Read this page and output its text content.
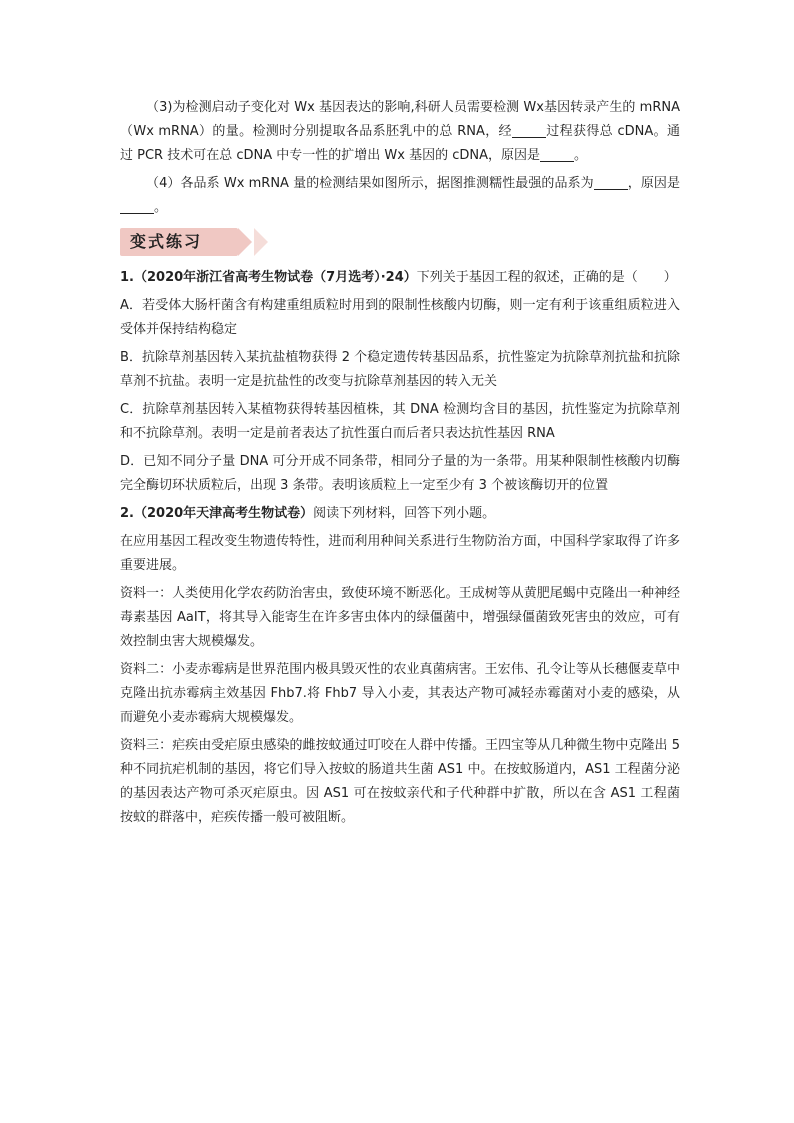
（3)为检测启动子变化对 Wx 基因表达的影响,科研人员需要检测 Wx基因转录产生的 mRNA（Wx mRNA）的量。检测时分别提取各品系胚乳中的总 RNA，经	过程获得总 cDNA。通过 PCR 技术可在总 cDNA 中专一性的扩增出 Wx 基因的 cDNA，原因是	。

（4）各品系 Wx mRNA 量的检测结果如图所示，据图推测糯性最强的品系为	，原因是。

变式练习

1.（2020年浙江省高考生物试卷（7月选考）·24）下列关于基因工程的叙述，正确的是（　　）

A．若受体大肠杆菌含有构建重组质粒时用到的限制性核酸内切酶，则一定有利于该重组质粒进入受体并保持结构稳定

B．抗除草剂基因转入某抗盐植物获得 2 个稳定遗传转基因品系，抗性鉴定为抗除草剂抗盐和抗除草剂不抗盐。表明一定是抗盐性的改变与抗除草剂基因的转入无关

C．抗除草剂基因转入某植物获得转基因植株，其 DNA 检测均含目的基因，抗性鉴定为抗除草剂和不抗除草剂。表明一定是前者表达了抗性蛋白而后者只表达抗性基因 RNA

D．已知不同分子量 DNA 可分开成不同条带，相同分子量的为一条带。用某种限制性核酸内切酶完全酶切环状质粒后，出现 3 条带。表明该质粒上一定至少有 3 个被该酶切开的位置

2.（2020年天津高考生物试卷）阅读下列材料，回答下列小题。

在应用基因工程改变生物遗传特性，进而利用种间关系进行生物防治方面，中国科学家取得了许多重要进展。

资料一：人类使用化学农药防治害虫，致使环境不断恶化。王成树等从黄肥尾蝎中克隆出一种神经毒素基因 AaIT，将其导入能寄生在许多害虫体内的绿僵菌中，增强绿僵菌致死害虫的效应，可有效控制虫害大规模爆发。

资料二：小麦赤霉病是世界范围内极具毁灭性的农业真菌病害。王宏伟、孔令让等从长穗偃麦草中克隆出抗赤霉病主效基因 Fhb7.将 Fhb7 导入小麦，其表达产物可减轻赤霉菌对小麦的感染，从而避免小麦赤霉病大规模爆发。

资料三：疟疾由受疟原虫感染的雌按蚊通过叮咬在人群中传播。王四宝等从几种微生物中克隆出 5 种不同抗疟机制的基因，将它们导入按蚊的肠道共生菌 AS1 中。在按蚊肠道内，AS1 工程菌分泌的基因表达产物可杀灭疟原虫。因 AS1 可在按蚊亲代和子代种群中扩散，所以在含 AS1 工程菌按蚊的群落中，疟疾传播一般可被阻断。
